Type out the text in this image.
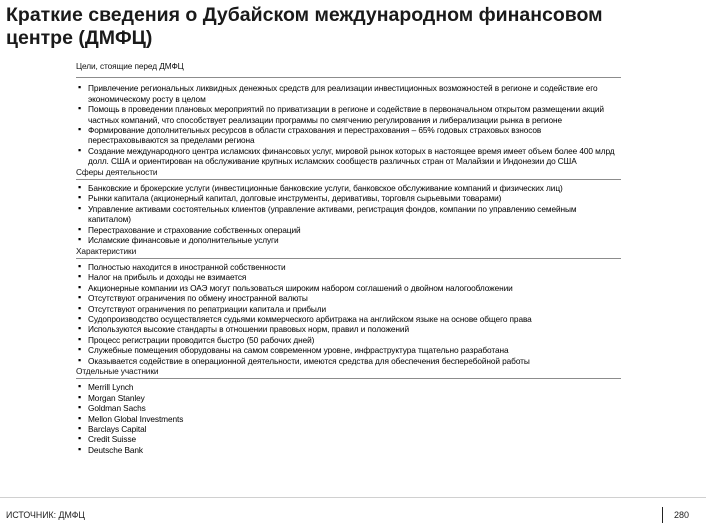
Краткие сведения о Дубайском международном финансовом центре (ДМФЦ)
Цели, стоящие перед ДМФЦ
▪ Привлечение региональных ликвидных денежных средств для реализации инвестиционных возможностей в регионе и содействие его экономическому росту в целом
▪ Помощь в проведении плановых мероприятий по приватизации в регионе и содействие в первоначальном открытом размещении акций частных компаний, что способствует реализации программы по смягчению регулирования и либерализации рынка в регионе
▪ Формирование дополнительных ресурсов в области страхования и перестрахования – 65% годовых страховых взносов перестраховываются за пределами региона
▪ Создание международного центра исламских финансовых услуг, мировой рынок которых в настоящее время имеет объем более 400 млрд долл. США и ориентирован на обслуживание крупных исламских сообществ различных стран от Малайзии и Индонезии до США
Сферы деятельности
▪ Банковские и брокерские услуги (инвестиционные банковские услуги, банковское обслуживание компаний и физических лиц)
▪ Рынки капитала (акционерный капитал, долговые инструменты, деривативы, торговля сырьевыми товарами)
▪ Управление активами состоятельных клиентов (управление активами, регистрация фондов, компании по управлению семейным капиталом)
▪ Перестрахование и страхование собственных операций
▪ Исламские финансовые и дополнительные услуги
Характеристики
▪ Полностью находится в иностранной собственности
▪ Налог на прибыль и доходы не взимается
▪ Акционерные компании из ОАЭ могут пользоваться широким набором соглашений о двойном налогообложении
▪ Отсутствуют ограничения по обмену иностранной валюты
▪ Отсутствуют ограничения по репатриации капитала и прибыли
▪ Судопроизводство осуществляется судьями коммерческого арбитража на английском языке на основе общего права
▪ Используются высокие стандарты в отношении правовых норм, правил и положений
▪ Процесс регистрации проводится быстро (50 рабочих дней)
▪ Служебные помещения оборудованы на самом современном уровне, инфраструктура тщательно разработана
▪ Оказывается содействие в операционной деятельности, имеются средства для обеспечения бесперебойной работы
Отдельные участники
▪ Merrill Lynch
▪ Morgan Stanley
▪ Goldman Sachs
▪ Mellon Global Investments
▪ Barclays Capital
▪ Credit Suisse
▪ Deutsche Bank
ИСТОЧНИК: ДМФЦ	280
